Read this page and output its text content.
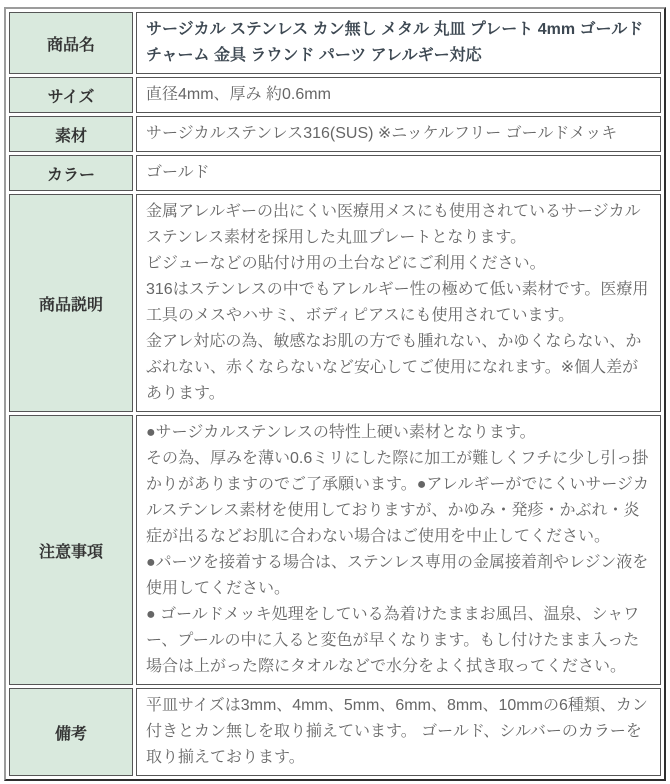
商品名	サージカル ステンレス カン無し メタル 丸皿 プレート 4mm ゴールド チャーム 金具 ラウンド パーツ アレルギー対応
サイズ	直径4mm、厚み 約0.6mm
素材	サージカルステンレス316(SUS) ※ニッケルフリー ゴールドメッキ
カラー	ゴールド
商品説明	金属アレルギーの出にくい医療用メスにも使用されているサージカルステンレス素材を採用した丸皿プレートとなります。

ビジューなどの貼付け用の土台などにご利用ください。

316はステンレスの中でもアレルギー性の極めて低い素材です。医療用工具のメスやハサミ、ボディピアスにも使用されています。

金アレ対応の為、敏感なお肌の方でも腫れない、かゆくならない、かぶれない、赤くならないなど安心してご使用になれます。※個人差があります。

注意事項	●サージカルステンレスの特性上硬い素材となります。

その為、厚みを薄い0.6ミリにした際に加工が難しくフチに少し引っ掛かりがありますのでご了承願います。●アレルギーがでにくいサージカルステンレス素材を使用しておりますが、かゆみ・発疹・かぶれ・炎症が出るなどお肌に合わない場合はご使用を中止してください。

●パーツを接着する場合は、ステンレス専用の金属接着剤やレジン液を使用してください。

● ゴールドメッキ処理をしている為着けたままお風呂、温泉、シャワー、プールの中に入ると変色が早くなります。もし付けたまま入った場合は上がった際にタオルなどで水分をよく拭き取ってください。

備考	平皿サイズは3mm、4mm、5mm、6mm、8mm、10mmの6種類、カン付きとカン無しを取り揃えています。 ゴールド、シルバーのカラーを取り揃えております。
